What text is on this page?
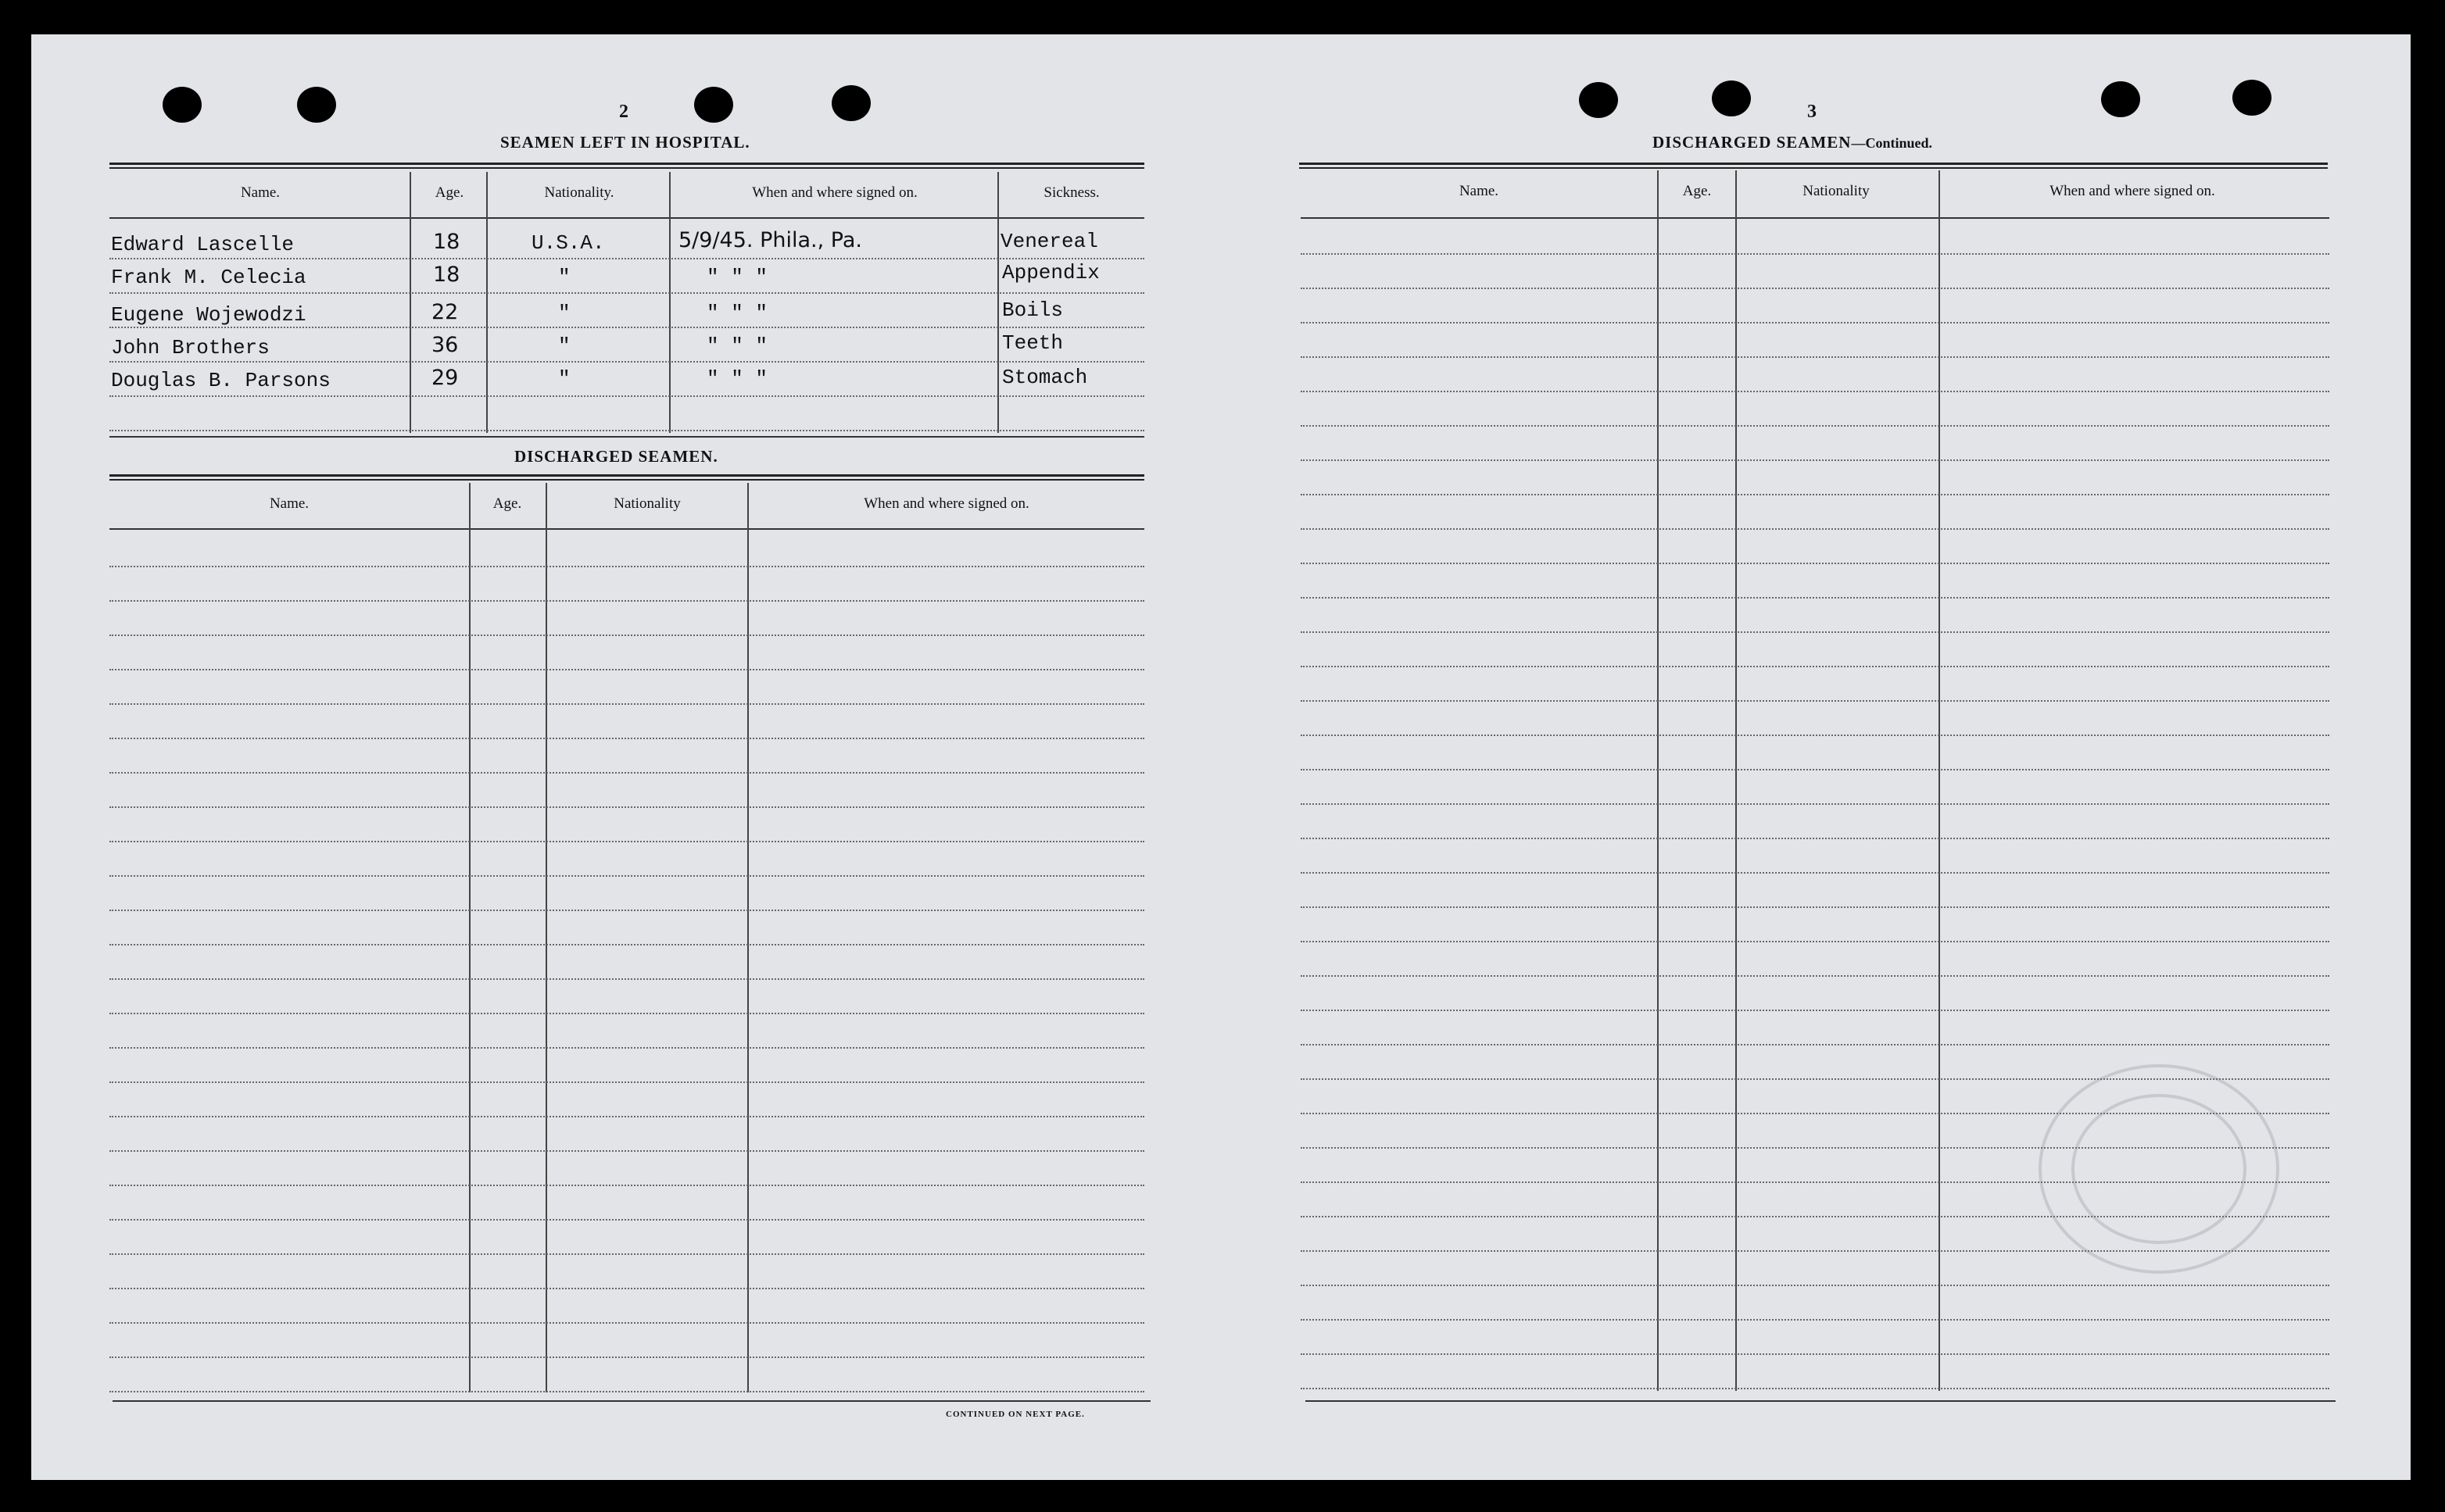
2
SEAMEN LEFT IN HOSPITAL.
Name.	Age.	Nationality.	When and where signed on.	Sickness.
Edward Lascelle	18	U.S.A.	5/9/45. Phila., Pa.	Venereal
Frank M. Celecia	18	"	" " "	Appendix
Eugene Wojewodzi	22	"	" " "	Boils
John Brothers	36	"	" " "	Teeth
Douglas B. Parsons	29	"	" " "	Stomach
DISCHARGED SEAMEN.
Name.	Age.	Nationality	When and where signed on.
CONTINUED ON NEXT PAGE.
3
DISCHARGED SEAMEN—Continued.
Name.	Age.	Nationality	When and where signed on.
